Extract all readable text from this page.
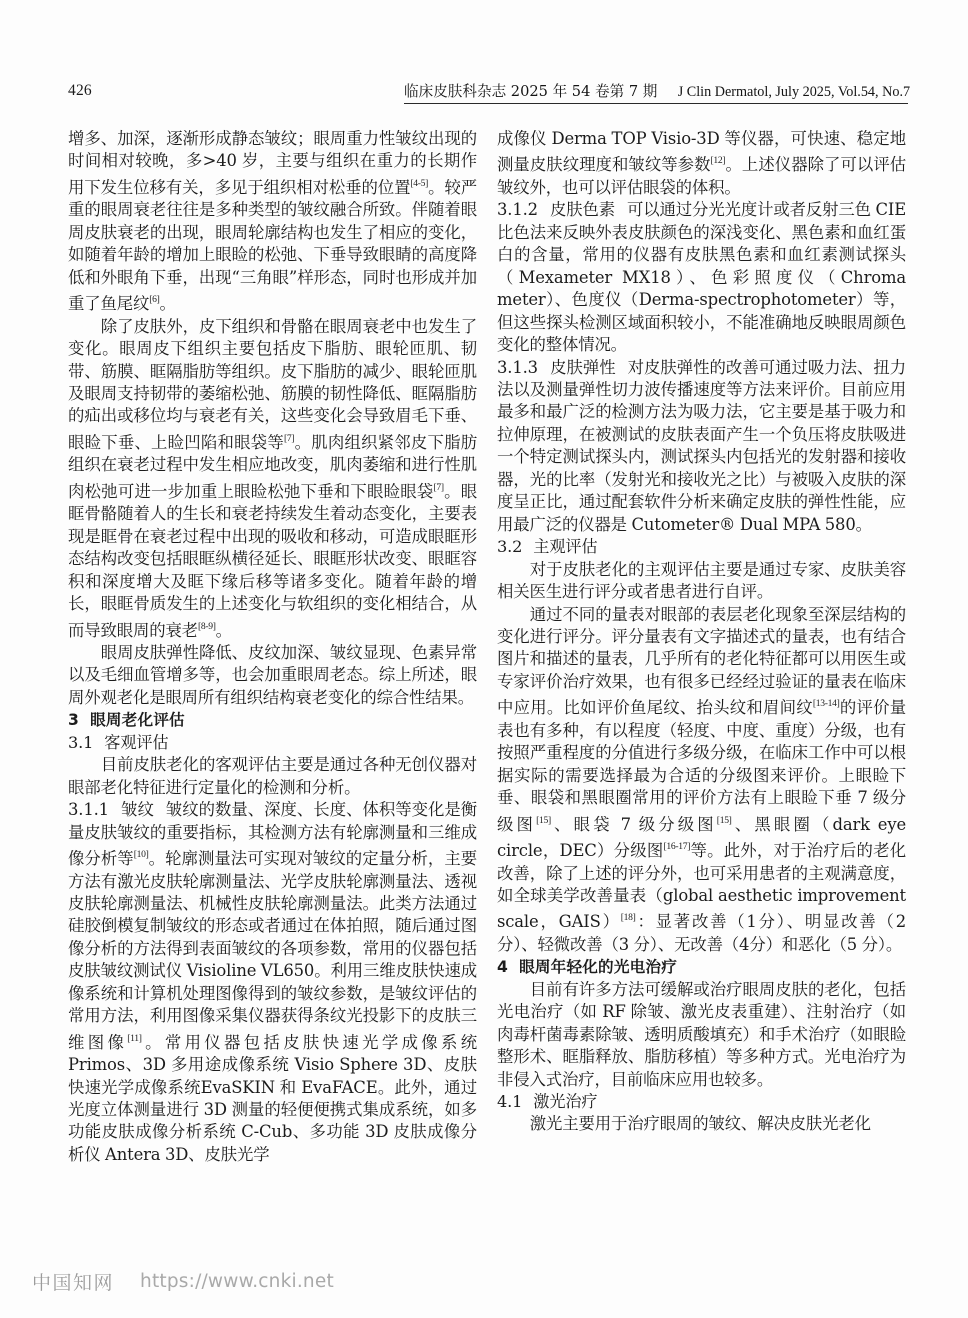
426	临床皮肤科杂志 2025 年 54 卷第 7 期 J Clin Dermatol, July 2025, Vol.54, No.7

增多、加深，逐渐形成静态皱纹；眼周重力性皱纹出现的时间相对较晚，多>40 岁，主要与组织在重力的长期作用下发生位移有关，多见于组织相对松垂的位置[4-5]。较严重的眼周衰老往往是多种类型的皱纹融合所致。伴随着眼周皮肤衰老的出现，眼周轮廓结构也发生了相应的变化，如随着年龄的增加上眼睑的松弛、下垂导致眼睛的高度降低和外眼角下垂，出现“三角眼”样形态，同时也形成并加重了鱼尾纹[6]。

除了皮肤外，皮下组织和骨骼在眼周衰老中也发生了变化。眼周皮下组织主要包括皮下脂肪、眼轮匝肌、韧带、筋膜、眶隔脂肪等组织。皮下脂肪的减少、眼轮匝肌及眼周支持韧带的萎缩松弛、筋膜的韧性降低、眶隔脂肪的疝出或移位均与衰老有关，这些变化会导致眉毛下垂、眼睑下垂、上睑凹陷和眼袋等[7]。肌肉组织紧邻皮下脂肪组织在衰老过程中发生相应地改变，肌肉萎缩和进行性肌肉松弛可进一步加重上眼睑松弛下垂和下眼睑眼袋[7]。眼眶骨骼随着人的生长和衰老持续发生着动态变化，主要表现是眶骨在衰老过程中出现的吸收和移动，可造成眼眶形态结构改变包括眼眶纵横径延长、眼眶形状改变、眼眶容积和深度增大及眶下缘后移等诸多变化。随着年龄的增长，眼眶骨质发生的上述变化与软组织的变化相结合，从而导致眼周的衰老[8-9]。

眼周皮肤弹性降低、皮纹加深、皱纹显现、色素异常以及毛细血管增多等，也会加重眼周老态。综上所述，眼周外观老化是眼周所有组织结构衰老变化的综合性结果。

3 眼周老化评估

3.1 客观评估

目前皮肤老化的客观评估主要是通过各种无创仪器对眼部老化特征进行定量化的检测和分析。

3.1.1 皱纹 皱纹的数量、深度、长度、体积等变化是衡量皮肤皱纹的重要指标，其检测方法有轮廓测量和三维成像分析等[10]。轮廓测量法可实现对皱纹的定量分析，主要方法有激光皮肤轮廓测量法、光学皮肤轮廓测量法、透视皮肤轮廓测量法、机械性皮肤轮廓测量法。此类方法通过硅胶倒模复制皱纹的形态或者通过在体拍照，随后通过图像分析的方法得到表面皱纹的各项参数，常用的仪器包括皮肤皱纹测试仪 Visioline VL650。利用三维皮肤快速成像系统和计算机处理图像得到的皱纹参数，是皱纹评估的常用方法，利用图像采集仪器获得条纹光投影下的皮肤三维图像[11]。常用仪器包括皮肤快速光学成像系统 Primos、3D 多用途成像系统 Visio Sphere 3D、皮肤快速光学成像系统EvaSKIN 和 EvaFACE。此外，通过光度立体测量进行 3D 测量的轻便便携式集成系统，如多功能皮肤成像分析系统 C-Cub、多功能 3D 皮肤成像分析仪 Antera 3D、皮肤光学

成像仪 Derma TOP Visio-3D 等仪器，可快速、稳定地测量皮肤纹理度和皱纹等参数[12]。上述仪器除了可以评估皱纹外，也可以评估眼袋的体积。

3.1.2 皮肤色素 可以通过分光光度计或者反射三色 CIE 比色法来反映外表皮肤颜色的深浅变化、黑色素和血红蛋白的含量，常用的仪器有皮肤黑色素和血红素测试探头（Mexameter MX18）、色彩照度仪（Chroma meter）、色度仪（Derma-spectrophotometer）等，但这些探头检测区域面积较小，不能准确地反映眼周颜色变化的整体情况。

3.1.3 皮肤弹性 对皮肤弹性的改善可通过吸力法、扭力法以及测量弹性切力波传播速度等方法来评价。目前应用最多和最广泛的检测方法为吸力法，它主要是基于吸力和拉伸原理，在被测试的皮肤表面产生一个负压将皮肤吸进一个特定测试探头内，测试探头内包括光的发射器和接收器，光的比率（发射光和接收光之比）与被吸入皮肤的深度呈正比，通过配套软件分析来确定皮肤的弹性性能，应用最广泛的仪器是 Cutometer® Dual MPA 580。

3.2 主观评估

对于皮肤老化的主观评估主要是通过专家、皮肤美容相关医生进行评分或者患者进行自评。

通过不同的量表对眼部的表层老化现象至深层结构的变化进行评分。评分量表有文字描述式的量表，也有结合图片和描述的量表，几乎所有的老化特征都可以用医生或专家评价治疗效果，也有很多已经经过验证的量表在临床中应用。比如评价鱼尾纹、抬头纹和眉间纹[13-14]的评价量表也有多种，有以程度（轻度、中度、重度）分级，也有按照严重程度的分值进行多级分级，在临床工作中可以根据实际的需要选择最为合适的分级图来评价。上眼睑下垂、眼袋和黑眼圈常用的评价方法有上眼睑下垂 7 级分级图[15]、眼袋 7 级分级图[15]、黑眼圈（dark eye circle，DEC）分级图[16-17]等。此外，对于治疗后的老化改善，除了上述的评分外，也可采用患者的主观满意度，如全球美学改善量表（global aesthetic improvement scale，GAIS）[18]：显著改善（1分）、明显改善（2 分）、轻微改善（3 分）、无改善（4分）和恶化（5 分）。

4 眼周年轻化的光电治疗

目前有许多方法可缓解或治疗眼周皮肤的老化，包括光电治疗（如 RF 除皱、激光皮表重建）、注射治疗（如肉毒杆菌毒素除皱、透明质酸填充）和手术治疗（如眼睑整形术、眶脂释放、脂肪移植）等多种方式。光电治疗为非侵入式治疗，目前临床应用也较多。

4.1 激光治疗

激光主要用于治疗眼周的皱纹、解决皮肤光老化

中国知网 https://www.cnki.net
